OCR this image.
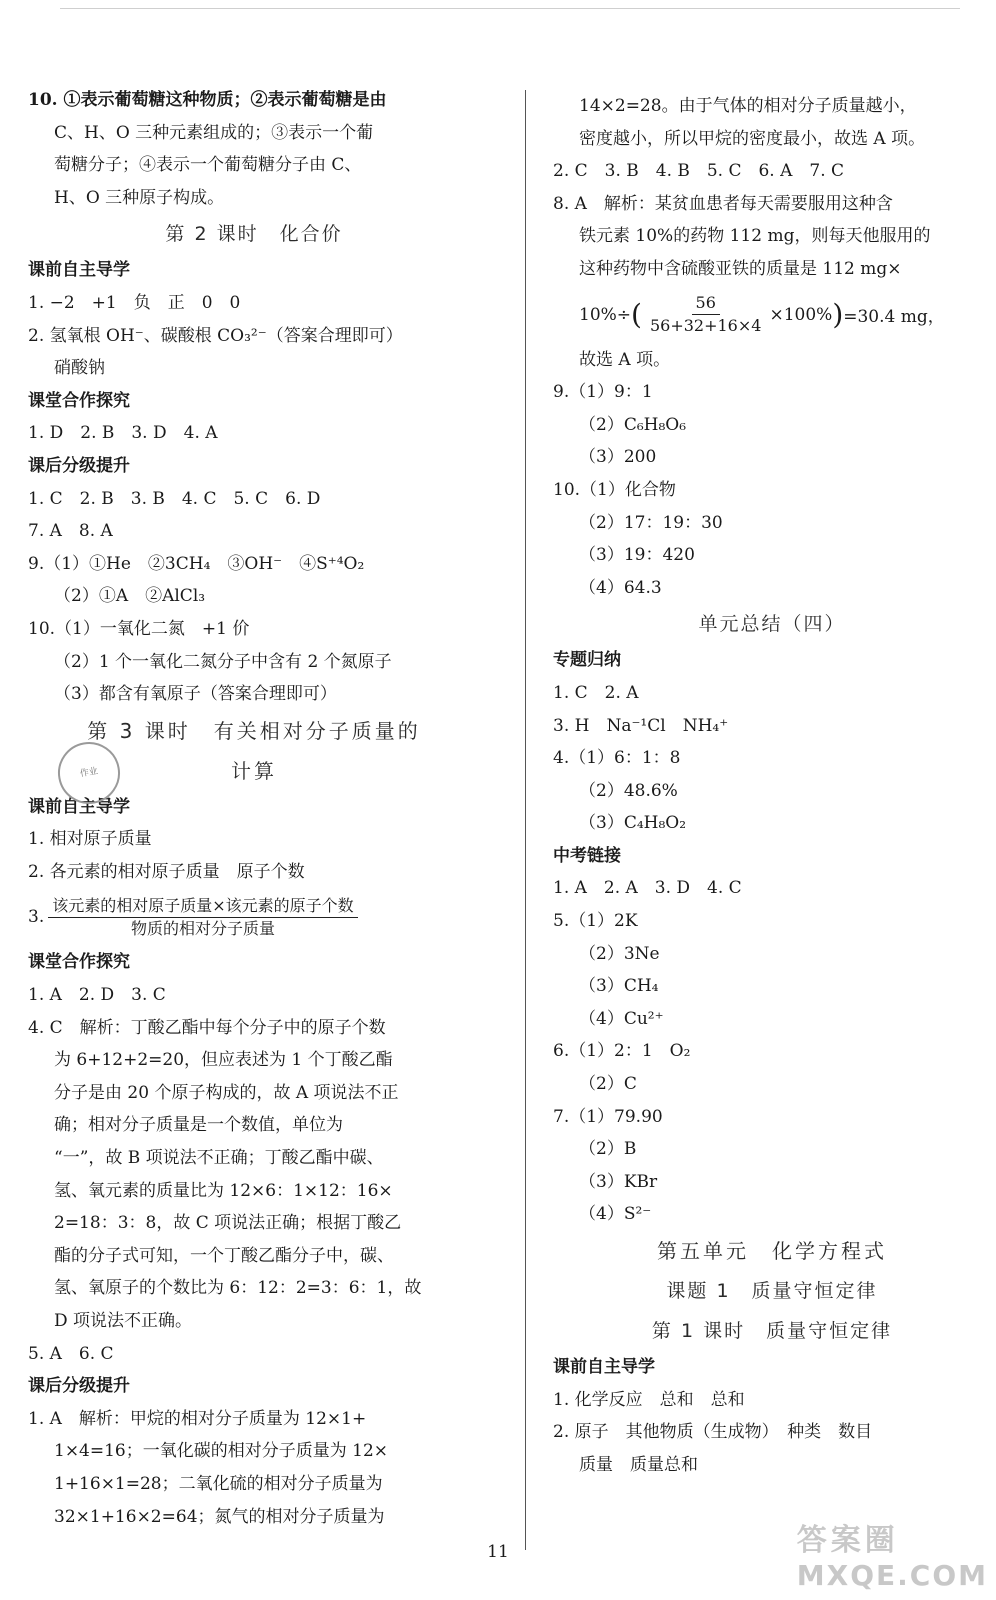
10. ①表示葡萄糖这种物质；②表示葡萄糖是由
C、H、O 三种元素组成的；③表示一个葡
萄糖分子；④表示一个葡萄糖分子由 C、
H、O 三种原子构成。
第 2 课时　化合价
课前自主导学
1. −2　+1　负　正　0　0
2. 氢氧根 OH⁻、碳酸根 CO₃²⁻（答案合理即可）
硝酸钠
课堂合作探究
1. D　2. B　3. D　4. A
课后分级提升
1. C　2. B　3. B　4. C　5. C　6. D
7. A　8. A
9.（1）①He　②3CH₄　③OH⁻　④S⁺⁴O₂
（2）①A　②AlCl₃
10.（1）一氧化二氮　+1 价
（2）1 个一氧化二氮分子中含有 2 个氮原子
（3）都含有氧原子（答案合理即可）
第 3 课时　有关相对分子质量的
计算
课前自主导学
1. 相对原子质量
2. 各元素的相对原子质量　原子个数
3. $\frac{\text{该元素的相对原子质量×该元素的原子个数}}{\text{物质的相对分子质量}}$
课堂合作探究
1. A　2. D　3. C
4. C　解析：丁酸乙酯中每个分子中的原子个数
为 6+12+2=20，但应表述为 1 个丁酸乙酯
分子是由 20 个原子构成的，故 A 项说法不正
确；相对分子质量是一个数值，单位为
“一”，故 B 项说法不正确；丁酸乙酯中碳、
氢、氧元素的质量比为 12×6：1×12：16×
2=18：3：8，故 C 项说法正确；根据丁酸乙
酯的分子式可知，一个丁酸乙酯分子中，碳、
氢、氧原子的个数比为 6：12：2=3：6：1，故
D 项说法不正确。
5. A　6. C
课后分级提升
1. A　解析：甲烷的相对分子质量为 12×1+
1×4=16；一氧化碳的相对分子质量为 12×
1+16×1=28；二氧化硫的相对分子质量为
32×1+16×2=64；氮气的相对分子质量为
作业
14×2=28。由于气体的相对分子质量越小，
密度越小，所以甲烷的密度最小，故选 A 项。
2. C　3. B　4. B　5. C　6. A　7. C
8. A　解析：某贫血患者每天需要服用这种含
铁元素 10%的药物 112 mg，则每天他服用的
这种药物中含硫酸亚铁的质量是 112 mg×
10%÷ ( $\frac{56}{56+32+16\times 4} \times 100\%$ ) =30.4 mg，
故选 A 项。
9.（1）9：1
（2）C₆H₈O₆
（3）200
10.（1）化合物
（2）17：19：30
（3）19：420
（4）64.3
单元总结（四）
专题归纳
1. C　2. A
3. H　Na⁻¹Cl　NH₄⁺
4.（1）6：1：8
（2）48.6%
（3）C₄H₈O₂
中考链接
1. A　2. A　3. D　4. C
5.（1）2K
（2）3Ne
（3）CH₄
（4）Cu²⁺
6.（1）2：1　O₂
（2）C
7.（1）79.90
（2）B
（3）KBr
（4）S²⁻
第五单元　化学方程式
课题 1　质量守恒定律
第 1 课时　质量守恒定律
课前自主导学
1. 化学反应　总和　总和
2. 原子　其他物质（生成物）　种类　数目
质量　质量总和
11	答案圈
MXQE.COM
